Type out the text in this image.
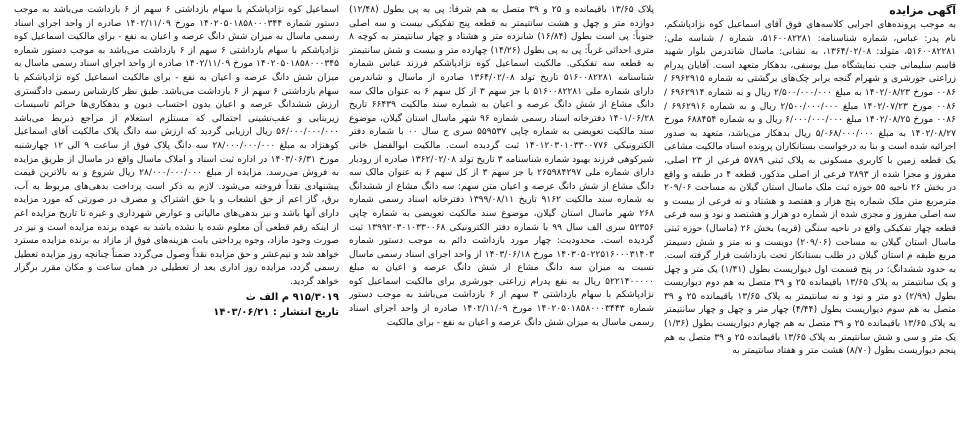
آگهی مزایده

به موجب پرونده‌های اجرایی کلاسه‌های فوق آقای اسماعیل کوه نژادپاشکم، نام پدر: عباس، شماره شناسنامه: ۵۱۶۰۰۸۲۲۸۱، شماره / شناسه ملی: ۵۱۶۰۰۸۲۲۸۱، متولد: ۱۳۶۴/۰۲/۰۸، به نشانی: ماسال شاندرمن بلوار شهید قاسم سلیمانی جنب نمایشگاه مبل یوسفی، بدهکار متعهد است. آقایان پدرام زراعتی جورشری و شهرام گنجه برابر چک‌های برگشتی به شماره ۶۹۶۲۹۱۵ /۰۰۸۶ مورخ ۱۴۰۲/۰۸/۲۳ به مبلغ ۲/۵۰۰/۰۰۰/۰۰۰ ریال و به شماره ۶۹۶۲۹۱۴ /۰۰۸۶ مورخ ۱۴۰۲/۰۷/۲۳ مبلغ ۲/۵۰۰/۰۰۰/۰۰۰ ریال و به شماره ۶۹۶۲۹۱۶ /۰۰۸۶ مورخ ۱۴۰۲/۰۸/۲۵ مبلغ ۶/۰۰۰/۰۰۰/۰۰۰ ریال و به شماره ۶۸۸۴۵۴ مورخ ۱۴۰۲/۰۸/۲۷ به مبلغ ۵/۰۶۸/۰۰۰/۰۰۰ ریال بدهکار می‌باشد، متعهد به صدور اجرائیه شده است و بنا به درخواست بستانکاران پرونده اسناد مالکیت مشاعی یک قطعه زمین با کاربری مسکونی به پلاک ثبتی ۵۷۸۹ فرعی از ۲۳ اصلی، مفروز و مجزا شده از ۲۸۹۳ فرعی از اصلی مذکور، قطعه ۴ در طبقه و واقع در بخش ۲۶ ناحیه ۵۵ حوزه ثبت ملک ماسال استان گیلان به مساحت ۲۰۹/۰۶ مترمربع متن ملک شماره پنج هزار و هفتصد و هشتاد و نه فرعی از بیست و سه اصلی مفروز و مجزی شده از شماره دو هزار و هشتصد و نود و سه فرعی قطعه چهار تفکیکی واقع در ناحیه سنگی (قریه) بخش ۲۶ (ماسال) حوزه ثبتی ماسال استان گیلان به مساحت (۲۰۹/۰۶) دویست و نه متر و شش دسیمتر مربع طبقه م استان گیلان در طلب بستانکار تحت بازداشت قرار گرفته است. به حدود ششدانگ: در پنج قسمت اول دیواریست بطول (۱/۴۱) یک متر و چهل و یک سانتیمتر به پلاک ۱۳/۶۵ باقیمانده ۲۵ و ۳۹ متصل به هم دوم دیواریست بطول (۲/۹۹) دو متر و نود و نه سانتیمتر به پلاک ۱۳/۶۵ باقیمانده ۲۵ و ۳۹ متصل به هم سوم دیواریست بطول (۴/۴۴) چهار متر و چهل و چهار سانتیمتر به پلاک ۱۳/۶۵ باقیمانده ۲۵ و ۳۹ متصل به هم چهارم دیواریست بطول (۱/۳۶) یک متر و سی و شش سانتیمتر به پلاک ۱۳/۶۵ باقیمانده ۲۵ و ۳۹ متصل به هم پنجم دیواریست بطول (۸/۷۰) هشت متر و هفتاد سانتیمتر به

پلاک ۱۳/۶۵ باقیمانده و ۲۵ و ۳۹ متصل به هم شرقاً: پی به پی بطول (۱۲/۴۸) دوازده متر و چهل و هشت سانتیمتر به قطعه پنج تفکیکی بیست و سه اصلی جنوباً: پی است بطول (۱۶/۸۴) شانزده متر و هشتاد و چهار سانتیمتر به کوچه ۸ متری احداثی غرباً: پی به پی بطول (۱۴/۲۶) چهارده متر و بیست و شش سانتیمتر به قطعه سه تفکیکی. مالکیت اسماعیل کوه نژادپاشکم فرزند عباس شماره شناسنامه ۵۱۶۰۰۸۲۲۸۱ تاریخ تولد ۱۳۶۴/۰۲/۰۸ صادره از ماسال و شاندرمن دارای شماره ملی ۵۱۶۰۰۸۲۲۸۱ با جز سهم ۳ از کل سهم ۶ به عنوان مالک سه دانگ مشاع از شش دانگ عرصه و اعیان به شماره سند مالکیت ۶۶۴۳۹ تاریخ ۱۴۰۱/۰۶/۲۸ دفترخانه اسناد رسمی شماره ۹۶ شهر ماسال استان گیلان، موضوع سند مالکیت تعویضی به شماره چاپی ۵۵۹۵۳۷ سری ج سال ۰۰ با شماره دفتر الکترونیکی ۱۴۰۱۲۰۳۰۱۰۳۳۰۰۷۷۶ ثبت گردیده است. مالکیت ابوالفضل خانی شیرکوهی فرزند بهبود شماره شناسنامه ۳ تاریخ تولد ۱۳۶۲/۰۲/۰۸ صادره از رودبار دارای شماره ملی ۲۶۵۹۸۴۲۹۷ با جز سهم ۳ از کل سهم ۶ به عنوان مالک سه دانگ مشاع از شش دانگ عرصه و اعیان متن سهم: سه دانگ مشاع از ششدانگ به شماره سند مالکیت ۹۱۶۲ تاریخ ۱۳۹۹/۰۸/۱۱ دفترخانه اسناد رسمی شماره ۲۶۸ شهر ماسال استان گیلان، موضوع سند مالکیت تعویضی به شماره چاپی ۵۲۳۵۶ سری الف سال ۹۹ با شماره دفتر الکترونیکی ۱۳۹۹۲۰۳۰۱۰۳۳۰۰۶۸ ثبت گردیده است. محدودیت: چهار مورد بازداشت دائم به موجب دستور شماره ۱۴۰۳۰۵۰۲۲۵۱۶۰۰۰۳۱۴۰۳ مورخ ۱۴۰۳/۰۶/۱۸ از واحد اجرای اسناد رسمی ماسال نسبت به میزان سه دانگ مشاع از شش دانگ عرصه و اعیان به مبلغ ۵۲۲۱۴۰۰۰۰۰ ریال به نفع پدرام زراعتی جورشری برای مالکیت اسماعیل کوه نژادپاشکم با سهام بازداشتی ۳ سهم از ۶ بازداشت می‌باشد به موجب دستور شماره ۱۴۰۲۰۵۰۱۸۵۸۰۰۰۳۴۴۳ مورخ ۱۴۰۲/۱۱/۰۹ صادره از واحد اجرای اسناد رسمی ماسال به میزان شش دانگ عرصه و اعیان به نفع - برای مالکیت

اسماعیل کوه نژادپاشکم با سهام بازداشتی ۶ سهم از ۶ بازداشت می‌باشد به موجب دستور شماره ۱۴۰۲۰۵۰۱۸۵۸۰۰۰۳۴۴ مورخ ۱۴۰۲/۱۱/۰۹ صادره از واحد اجرای اسناد رسمی ماسال به میزان شش دانگ عرصه و اعیان به نفع - برای مالکیت اسماعیل کوه نژادپاشکم با سهام بازداشتی ۶ سهم از ۶ بازداشت می‌باشد به موجب دستور شماره ۱۴۰۲۰۵۰۱۸۵۸۰۰۰۳۴۵ مورخ ۱۴۰۲/۱۱/۰۹ صادره از واحد اجرای اسناد رسمی ماسال به میزان شش دانگ عرصه و اعیان به نفع - برای مالکیت اسماعیل کوه نژادپاشکم با سهام بازداشتی ۶ سهم از ۶ بازداشت می‌باشد. طبق نظر کارشناس رسمی دادگستری ارزش ششدانگ عرصه و اعیان بدون احتساب دیون و بدهکاری‌ها حرائم تاسیسات زیربنایی و عقب‌نشینی احتمالی که مستلزم استعلام از مراجع ذیربط می‌باشد ۵۶/۰۰۰/۰۰۰/۰۰۰ ریال ارزیابی گردید که ارزش سه دانگ پلاک مالکیت آقای اسماعیل کوهنژاد به مبلغ ۲۸/۰۰۰/۰۰۰/۰۰۰ سه دانگ پلاک فوق از ساعت ۹ الی ۱۲ چهارشنبه مورخ ۱۴۰۳/۰۶/۳۱ در اداره ثبت اسناد و املاک ماسال واقع در ماسال از طریق مزایده به فروش می‌رسد. مزایده از مبلغ ۲۸/۰۰۰/۰۰۰/۰۰۰ ریال شروع و به بالاترین قیمت پیشنهادی نقداً فروخته می‌شود. لازم به ذکر است پرداخت بدهی‌های مربوط به آب، برق، گاز اعم از حق انشعاب و یا حق اشتراک و مصرف در صورتی که مورد مزایده دارای آنها باشد و نیز بدهی‌های مالیاتی و عوارض شهرداری و غیره تا تاریخ مزایده اعم از اینکه رقم قطعی آن معلوم شده یا نشده باشد به عهده برنده مزایده است و نیز در صورت وجود مازاد، وجوه پرداختی بابت هزینه‌های فوق از مازاد به برنده مزایده مسترد خواهد شد و نیم‌عشر و حق مزایده نقداً وصول می‌گردد ضمناً چنانچه روز مزایده تعطیل رسمی گردد، مزایده روز اداری بعد از تعطیلی در همان ساعت و مکان مقرر برگزار خواهد گردید.

۹۱۵/۳۰۱۹ م الف ث
تاریخ انتشار : ۱۴۰۳/۰۶/۲۱
